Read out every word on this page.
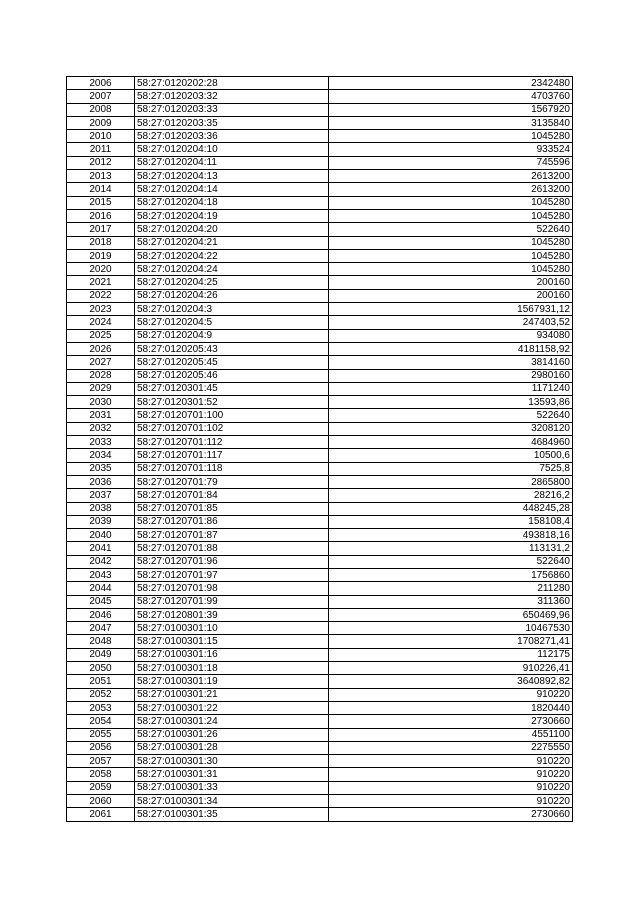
2006	58:27:0120202:28	2342480
2007	58:27:0120203:32	4703760
2008	58:27:0120203:33	1567920
2009	58:27:0120203:35	3135840
2010	58:27:0120203:36	1045280
2011	58:27:0120204:10	933524
2012	58:27:0120204:11	745596
2013	58:27:0120204:13	2613200
2014	58:27:0120204:14	2613200
2015	58:27:0120204:18	1045280
2016	58:27:0120204:19	1045280
2017	58:27:0120204:20	522640
2018	58:27:0120204:21	1045280
2019	58:27:0120204:22	1045280
2020	58:27:0120204:24	1045280
2021	58:27:0120204:25	200160
2022	58:27:0120204:26	200160
2023	58:27:0120204:3	1567931,12
2024	58:27:0120204:5	247403,52
2025	58:27:0120204:9	934080
2026	58:27:0120205:43	4181158,92
2027	58:27:0120205:45	3814160
2028	58:27:0120205:46	2980160
2029	58:27:0120301:45	1171240
2030	58:27:0120301:52	13593,86
2031	58:27:0120701:100	522640
2032	58:27:0120701:102	3208120
2033	58:27:0120701:112	4684960
2034	58:27:0120701:117	10500,6
2035	58:27:0120701:118	7525,8
2036	58:27:0120701:79	2865800
2037	58:27:0120701:84	28216,2
2038	58:27:0120701:85	448245,28
2039	58:27:0120701:86	158108,4
2040	58:27:0120701:87	493818,16
2041	58:27:0120701:88	113131,2
2042	58:27:0120701:96	522640
2043	58:27:0120701:97	1756860
2044	58:27:0120701:98	211280
2045	58:27:0120701:99	311360
2046	58:27:0120801:39	650469,96
2047	58:27:0100301:10	10467530
2048	58:27:0100301:15	1708271,41
2049	58:27:0100301:16	112175
2050	58:27:0100301:18	910226,41
2051	58:27:0100301:19	3640892,82
2052	58:27:0100301:21	910220
2053	58:27:0100301:22	1820440
2054	58:27:0100301:24	2730660
2055	58:27:0100301:26	4551100
2056	58:27:0100301:28	2275550
2057	58:27:0100301:30	910220
2058	58:27:0100301:31	910220
2059	58:27:0100301:33	910220
2060	58:27:0100301:34	910220
2061	58:27:0100301:35	2730660
